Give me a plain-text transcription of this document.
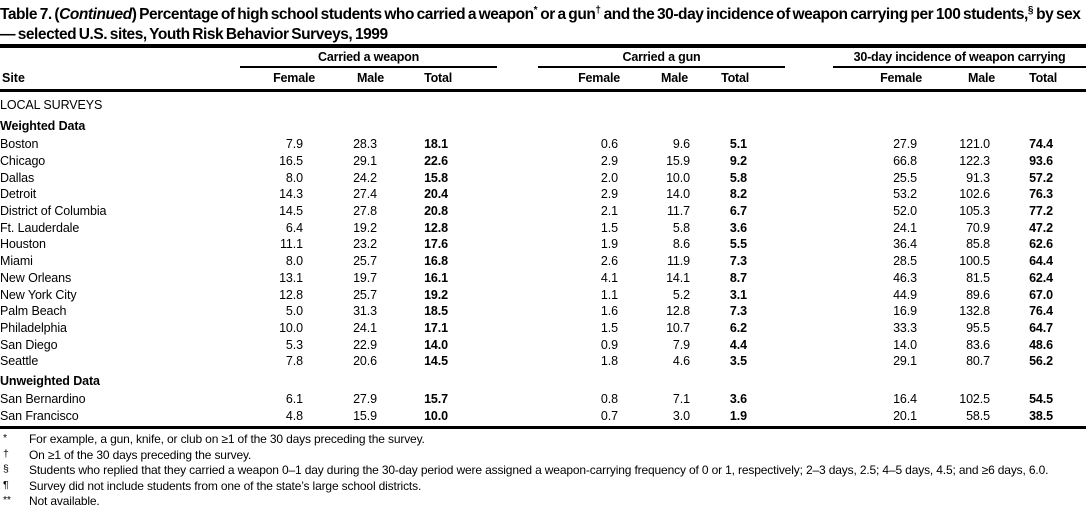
Table 7. (Continued) Percentage of high school students who carried a weapon* or a gun† and the 30-day incidence of weapon carrying per 100 students,§ by sex — selected U.S. sites, Youth Risk Behavior Surveys, 1999
Carried a weapon	Carried a gun	30-day incidence of weapon carrying
Site	Female	Male	Total	Female	Male	Total	Female	Male	Total
LOCAL SURVEYS										
Weighted Data										
Boston	7.9	28.3	18.1	0.6	9.6	5.1	27.9	121.0	74.4	
Chicago	16.5	29.1	22.6	2.9	15.9	9.2	66.8	122.3	93.6	
Dallas	8.0	24.2	15.8	2.0	10.0	5.8	25.5	91.3	57.2	
Detroit	14.3	27.4	20.4	2.9	14.0	8.2	53.2	102.6	76.3	
District of Columbia	14.5	27.8	20.8	2.1	11.7	6.7	52.0	105.3	77.2	
Ft. Lauderdale	6.4	19.2	12.8	1.5	5.8	3.6	24.1	70.9	47.2	
Houston	11.1	23.2	17.6	1.9	8.6	5.5	36.4	85.8	62.6	
Miami	8.0	25.7	16.8	2.6	11.9	7.3	28.5	100.5	64.4	
New Orleans	13.1	19.7	16.1	4.1	14.1	8.7	46.3	81.5	62.4	
New York City	12.8	25.7	19.2	1.1	5.2	3.1	44.9	89.6	67.0	
Palm Beach	5.0	31.3	18.5	1.6	12.8	7.3	16.9	132.8	76.4	
Philadelphia	10.0	24.1	17.1	1.5	10.7	6.2	33.3	95.5	64.7	
San Diego	5.3	22.9	14.0	0.9	7.9	4.4	14.0	83.6	48.6	
Seattle	7.8	20.6	14.5	1.8	4.6	3.5	29.1	80.7	56.2	
Unweighted Data										
San Bernardino	6.1	27.9	15.7	0.8	7.1	3.6	16.4	102.5	54.5	
San Francisco	4.8	15.9	10.0	0.7	3.0	1.9	20.1	58.5	38.5	
* For example, a gun, knife, or club on ≥1 of the 30 days preceding the survey.
† On ≥1 of the 30 days preceding the survey.
§ Students who replied that they carried a weapon 0–1 day during the 30-day period were assigned a weapon-carrying frequency of 0 or 1, respectively; 2–3 days, 2.5; 4–5 days, 4.5; and ≥6 days, 6.0.
¶ Survey did not include students from one of the state’s large school districts.
** Not available.
